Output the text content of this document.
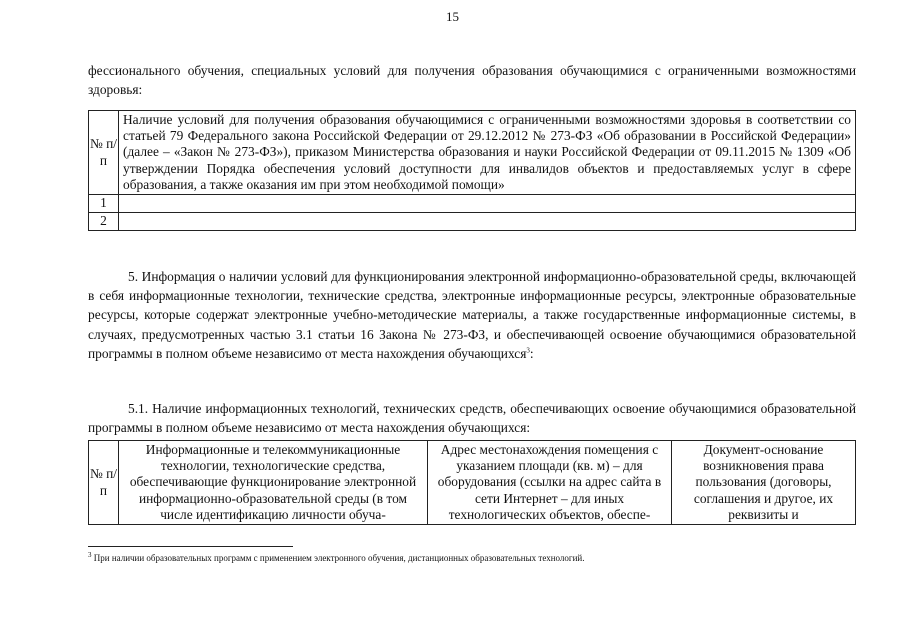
15

фессионального обучения, специальных условий для получения образования обучающимися с ограниченными возможностями здоровья:

№ п/п	Наличие условий для получения образования обучающимися с ограниченными возможностями здоровья в соответствии со статьей 79 Федерального закона Российской Федерации от 29.12.2012 № 273-ФЗ «Об образовании в Российской Федерации» (далее – «Закон № 273-ФЗ»), приказом Министерства образования и науки Российской Федерации от 09.11.2015 № 1309 «Об утверждении Порядка обеспечения условий доступности для инвалидов объектов и предоставляемых услуг в сфере образования, а также оказания им при этом необходимой помощи»
1	
2	

5. Информация о наличии условий для функционирования электронной информационно-образовательной среды, включающей в себя информационные технологии, технические средства, электронные информационные ресурсы, электронные образовательные ресурсы, которые содержат электронные учебно-методические материалы, а также государственные информационные системы, в случаях, предусмотренных частью 3.1 статьи 16 Закона № 273-ФЗ, и обеспечивающей освоение обучающимися образовательной программы в полном объеме независимо от места нахождения обучающихся$^3$:

5.1. Наличие информационных технологий, технических средств, обеспечивающих освоение обучающимися образовательной программы в полном объеме независимо от места нахождения обучающихся:

№ п/п	Информационные и телекоммуникационные технологии, технологические средства, обеспечивающие функционирование электронной информационно-образовательной среды (в том числе идентификацию личности обуча-	Адрес местонахождения помещения с указанием площади (кв. м) – для оборудования (ссылки на адрес сайта в сети Интернет – для иных технологических объектов, обеспе-	Документ-основание возникновения права пользования (договоры, соглашения и другое, их реквизиты и
$^3$ При наличии образовательных программ с применением электронного обучения, дистанционных образовательных технологий.
